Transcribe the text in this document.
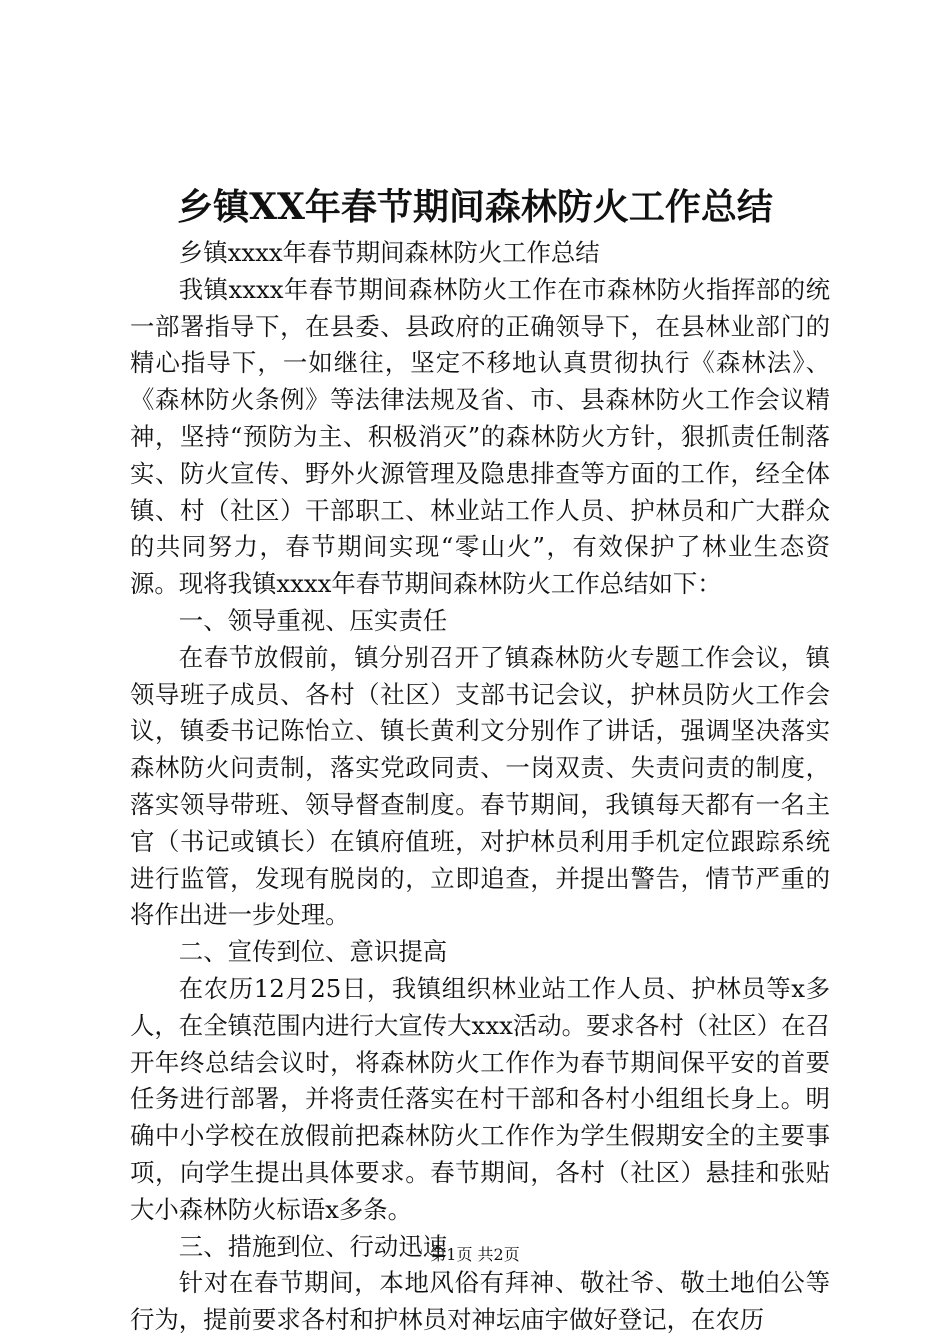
乡镇XX年春节期间森林防火工作总结

乡镇xxxx年春节期间森林防火工作总结

我镇xxxx年春节期间森林防火工作在市森林防火指挥部的统一部署指导下，在县委、县政府的正确领导下，在县林业部门的精心指导下，一如继往，坚定不移地认真贯彻执行《森林法》、《森林防火条例》等法律法规及省、市、县森林防火工作会议精神，坚持“预防为主、积极消灭”的森林防火方针，狠抓责任制落实、防火宣传、野外火源管理及隐患排查等方面的工作，经全体镇、村（社区）干部职工、林业站工作人员、护林员和广大群众的共同努力，春节期间实现“零山火”，有效保护了林业生态资源。现将我镇xxxx年春节期间森林防火工作总结如下：

一、领导重视、压实责任

在春节放假前，镇分别召开了镇森林防火专题工作会议，镇领导班子成员、各村（社区）支部书记会议，护林员防火工作会议，镇委书记陈怡立、镇长黄利文分别作了讲话，强调坚决落实森林防火问责制，落实党政同责、一岗双责、失责问责的制度，落实领导带班、领导督查制度。春节期间，我镇每天都有一名主官（书记或镇长）在镇府值班，对护林员利用手机定位跟踪系统进行监管，发现有脱岗的，立即追查，并提出警告，情节严重的将作出进一步处理。

二、宣传到位、意识提高

在农历12月25日，我镇组织林业站工作人员、护林员等x多人，在全镇范围内进行大宣传大xxx活动。要求各村（社区）在召开年终总结会议时，将森林防火工作作为春节期间保平安的首要任务进行部署，并将责任落实在村干部和各村小组组长身上。明确中小学校在放假前把森林防火工作作为学生假期安全的主要事项，向学生提出具体要求。春节期间，各村（社区）悬挂和张贴大小森林防火标语x多条。

三、措施到位、行动迅速

针对在春节期间，本地风俗有拜神、敬社爷、敬土地伯公等行为，提前要求各村和护林员对神坛庙宇做好登记，在农历

第1页 共2页
